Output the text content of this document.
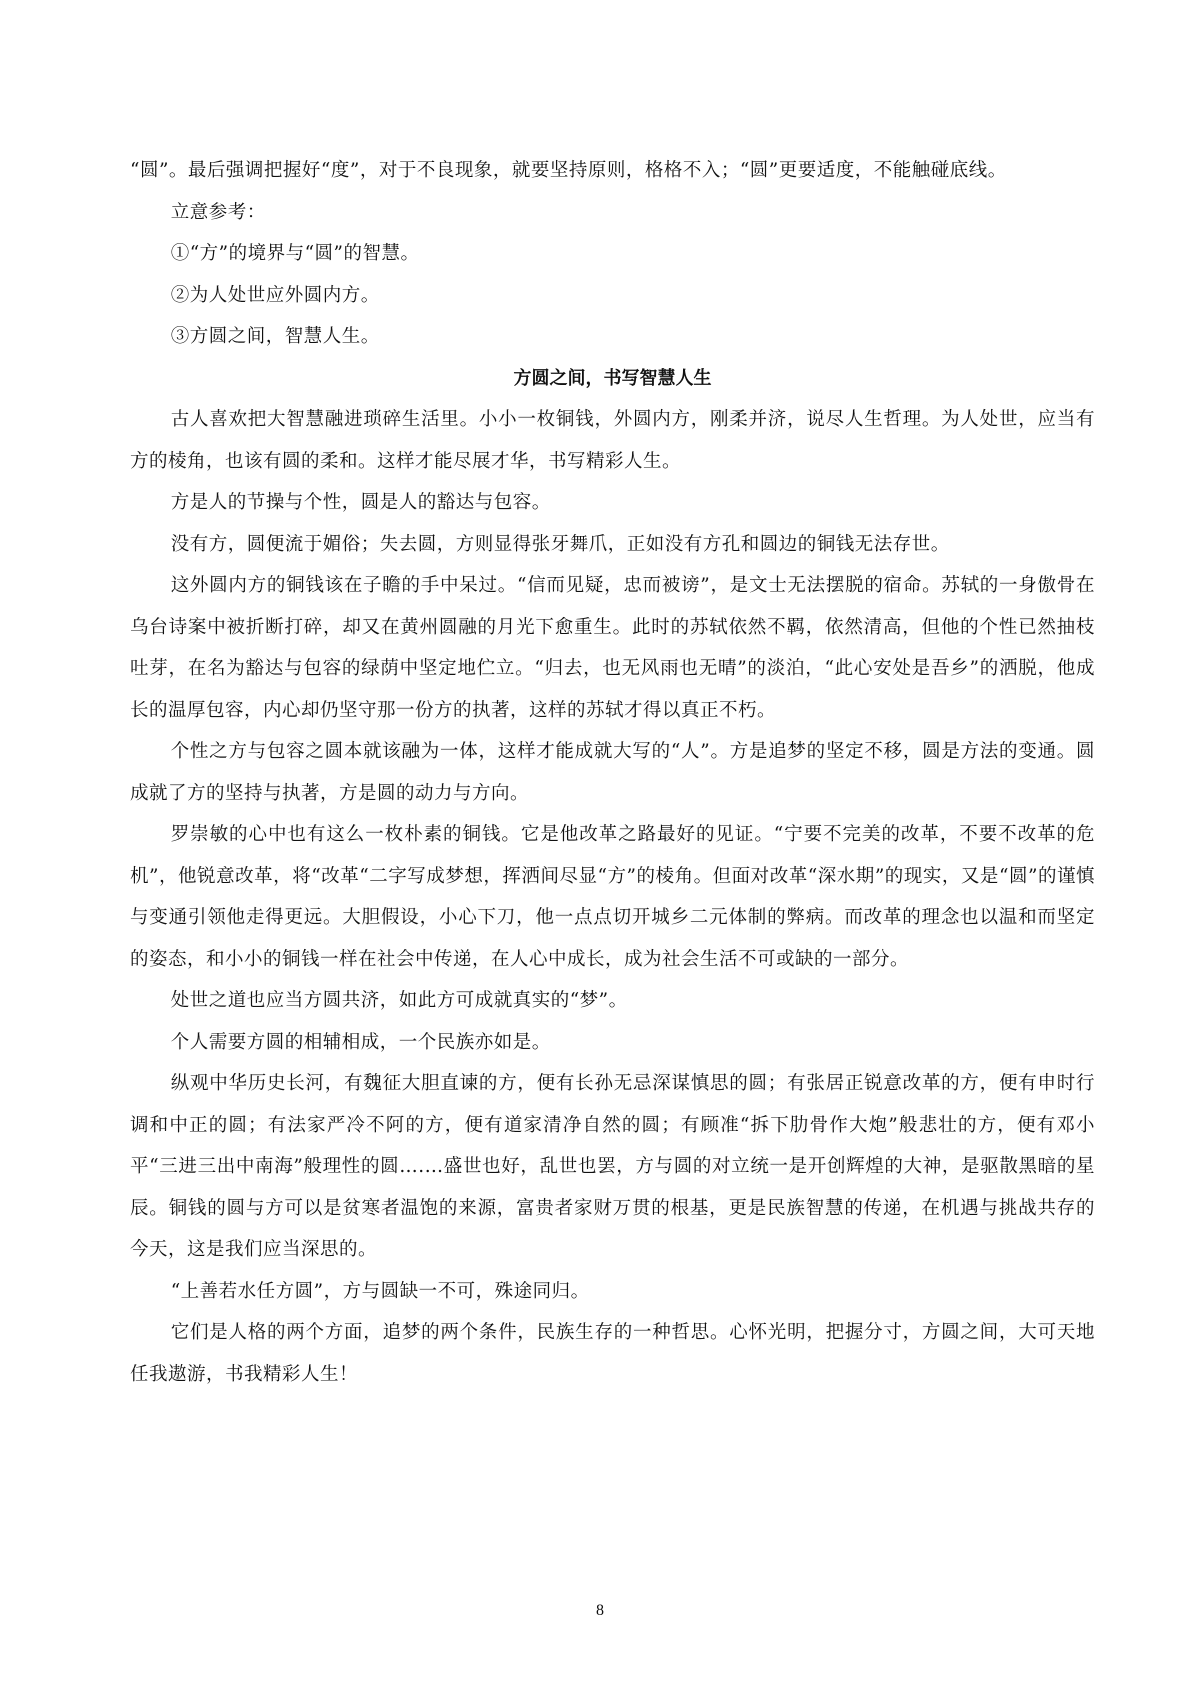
“圆”。最后强调把握好“度”，对于不良现象，就要坚持原则，格格不入；“圆”更要适度，不能触碰底线。

立意参考：

①“方”的境界与“圆”的智慧。

②为人处世应外圆内方。

③方圆之间，智慧人生。

方圆之间，书写智慧人生

古人喜欢把大智慧融进琐碎生活里。小小一枚铜钱，外圆内方，刚柔并济，说尽人生哲理。为人处世，应当有方的棱角，也该有圆的柔和。这样才能尽展才华，书写精彩人生。

方是人的节操与个性，圆是人的豁达与包容。

没有方，圆便流于媚俗；失去圆，方则显得张牙舞爪，正如没有方孔和圆边的铜钱无法存世。

这外圆内方的铜钱该在子瞻的手中呆过。“信而见疑，忠而被谤”，是文士无法摆脱的宿命。苏轼的一身傲骨在乌台诗案中被折断打碎，却又在黄州圆融的月光下愈重生。此时的苏轼依然不羁，依然清高，但他的个性已然抽枝吐芽，在名为豁达与包容的绿荫中坚定地伫立。“归去，也无风雨也无晴”的淡泊，“此心安处是吾乡”的洒脱，他成长的温厚包容，内心却仍坚守那一份方的执著，这样的苏轼才得以真正不朽。

个性之方与包容之圆本就该融为一体，这样才能成就大写的“人”。方是追梦的坚定不移，圆是方法的变通。圆成就了方的坚持与执著，方是圆的动力与方向。

罗崇敏的心中也有这么一枚朴素的铜钱。它是他改革之路最好的见证。“宁要不完美的改革，不要不改革的危机”，他锐意改革，将“改革“二字写成梦想，挥洒间尽显“方”的棱角。但面对改革“深水期”的现实，又是“圆”的谨慎与变通引领他走得更远。大胆假设，小心下刀，他一点点切开城乡二元体制的弊病。而改革的理念也以温和而坚定的姿态，和小小的铜钱一样在社会中传递，在人心中成长，成为社会生活不可或缺的一部分。

处世之道也应当方圆共济，如此方可成就真实的“梦”。

个人需要方圆的相辅相成，一个民族亦如是。

纵观中华历史长河，有魏征大胆直谏的方，便有长孙无忌深谋慎思的圆；有张居正锐意改革的方，便有申时行调和中正的圆；有法家严冷不阿的方，便有道家清净自然的圆；有顾准“拆下肋骨作大炮”般悲壮的方，便有邓小平“三进三出中南海”般理性的圆….…盛世也好，乱世也罢，方与圆的对立统一是开创辉煌的大神，是驱散黑暗的星辰。铜钱的圆与方可以是贫寒者温饱的来源，富贵者家财万贯的根基，更是民族智慧的传递，在机遇与挑战共存的今天，这是我们应当深思的。

“上善若水任方圆”，方与圆缺一不可，殊途同归。

它们是人格的两个方面，追梦的两个条件，民族生存的一种哲思。心怀光明，把握分寸，方圆之间，大可天地任我遨游，书我精彩人生！

8
